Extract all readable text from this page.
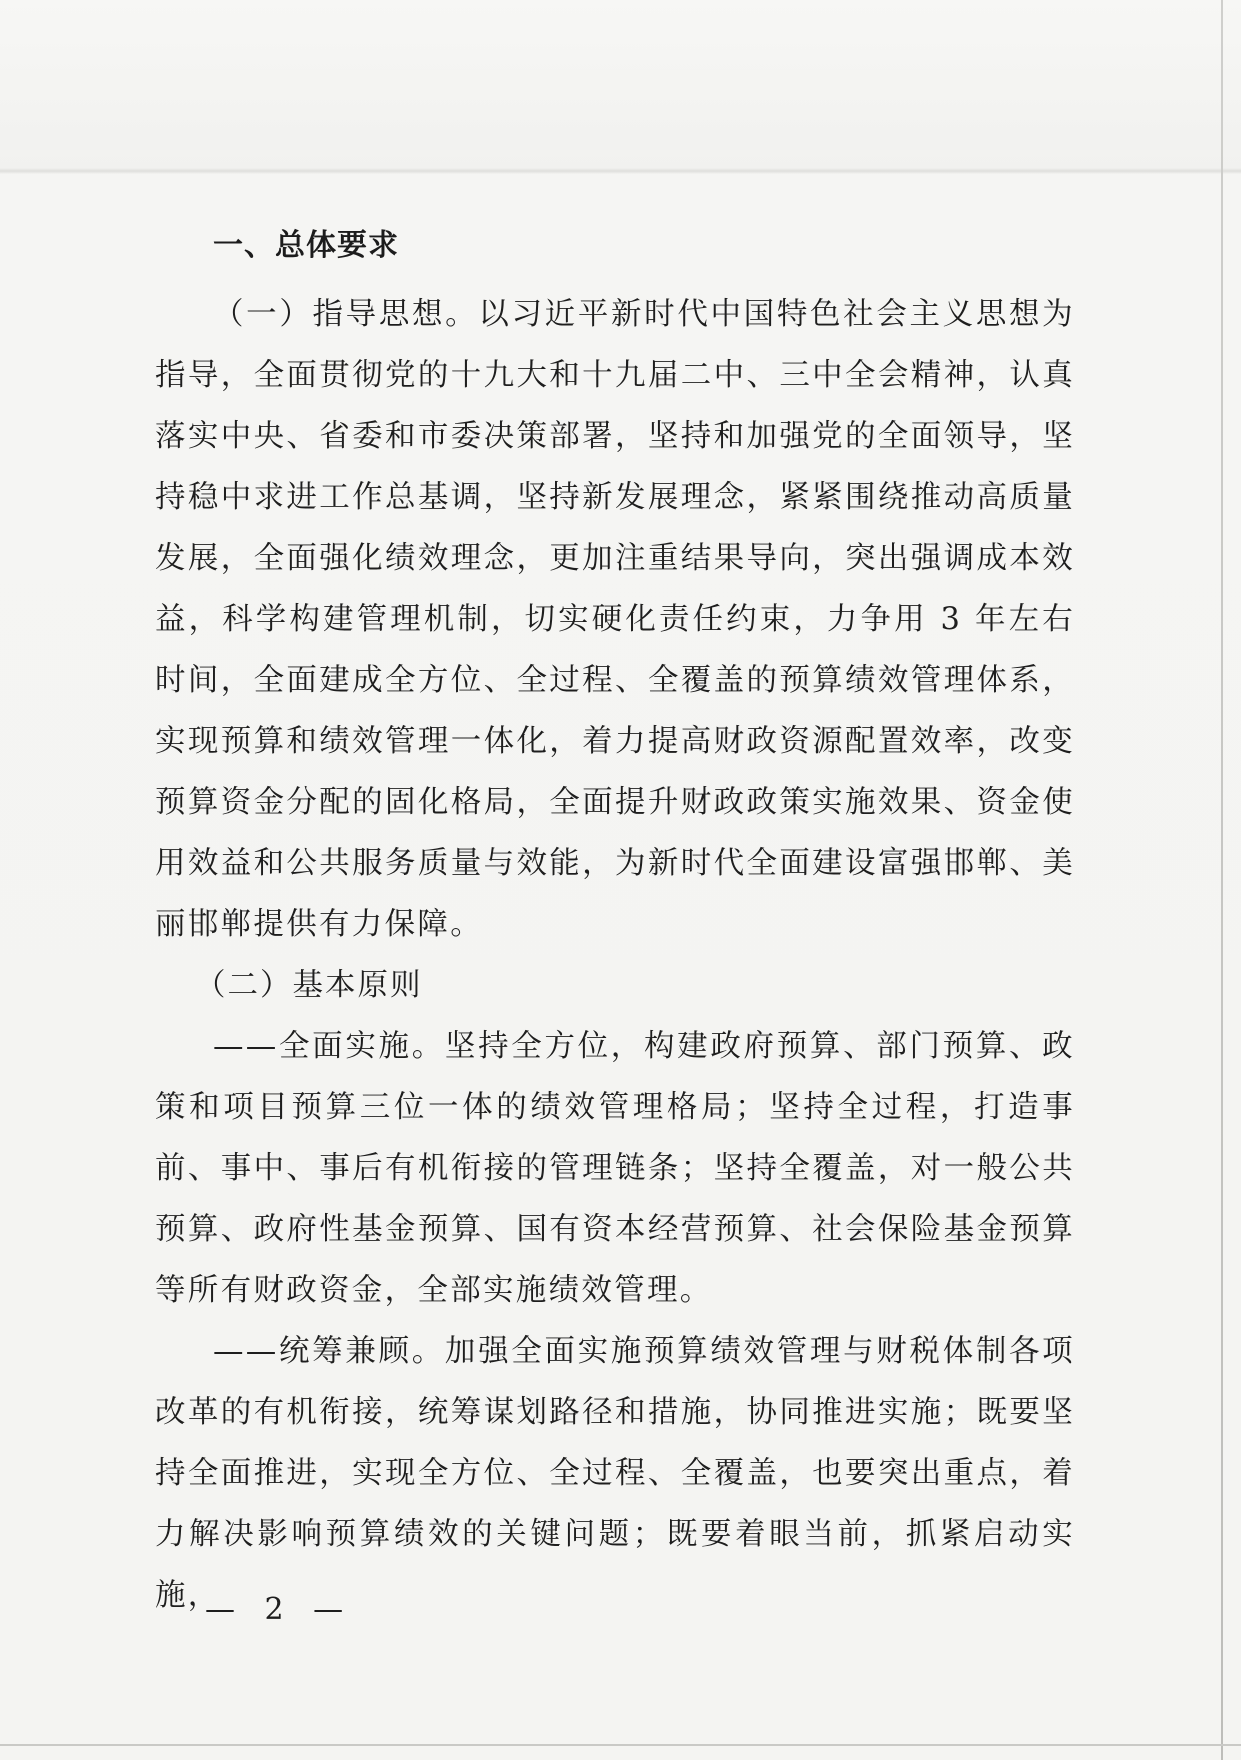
一、总体要求

（一）指导思想。以习近平新时代中国特色社会主义思想为指导，全面贯彻党的十九大和十九届二中、三中全会精神，认真落实中央、省委和市委决策部署，坚持和加强党的全面领导，坚持稳中求进工作总基调，坚持新发展理念，紧紧围绕推动高质量发展，全面强化绩效理念，更加注重结果导向，突出强调成本效益，科学构建管理机制，切实硬化责任约束，力争用 3 年左右时间，全面建成全方位、全过程、全覆盖的预算绩效管理体系，实现预算和绩效管理一体化，着力提高财政资源配置效率，改变预算资金分配的固化格局，全面提升财政政策实施效果、资金使用效益和公共服务质量与效能，为新时代全面建设富强邯郸、美丽邯郸提供有力保障。

（二）基本原则

——全面实施。坚持全方位，构建政府预算、部门预算、政策和项目预算三位一体的绩效管理格局；坚持全过程，打造事前、事中、事后有机衔接的管理链条；坚持全覆盖，对一般公共预算、政府性基金预算、国有资本经营预算、社会保险基金预算等所有财政资金，全部实施绩效管理。

——统筹兼顾。加强全面实施预算绩效管理与财税体制各项改革的有机衔接，统筹谋划路径和措施，协同推进实施；既要坚持全面推进，实现全方位、全过程、全覆盖，也要突出重点，着力解决影响预算绩效的关键问题；既要着眼当前，抓紧启动实施，

— 2 —
